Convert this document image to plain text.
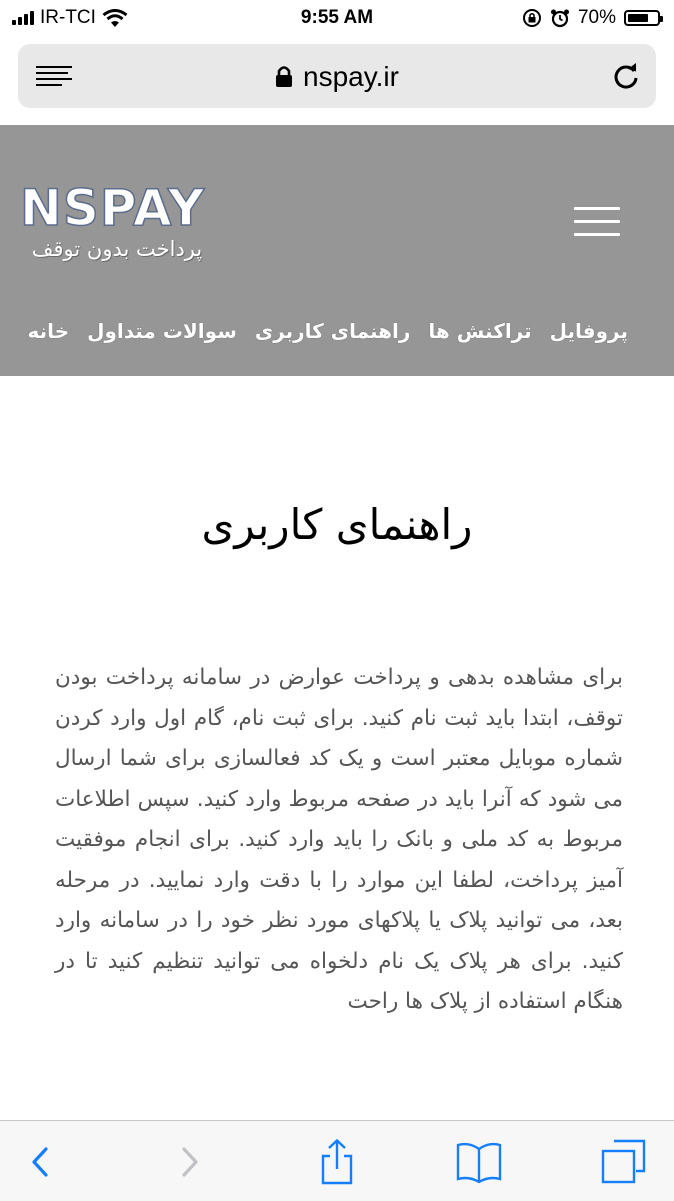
IR-TCI	9:55 AM	70%
nspay.ir
NSPAY
پرداخت بدون توقف
خانه سوالات متداول راهنمای کاربری تراکنش ها پروفایل
راهنمای کاربری
برای مشاهده بدهی و پرداخت عوارض در سامانه پرداخت بودن توقف، ابتدا باید ثبت نام کنید. برای ثبت نام، گام اول وارد کردن شماره موبایل معتبر است و یک کد فعالسازی برای شما ارسال می شود که آنرا باید در صفحه مربوط وارد کنید. سپس اطلاعات مربوط به کد ملی و بانک را باید وارد کنید. برای انجام موفقیت آمیز پرداخت، لطفا این موارد را با دقت وارد نمایید. در مرحله بعد، می توانید پلاک یا پلاکهای مورد نظر خود را در سامانه وارد کنید. برای هر پلاک یک نام دلخواه می توانید تنظیم کنید تا در هنگام استفاده از پلاک ها راحت
